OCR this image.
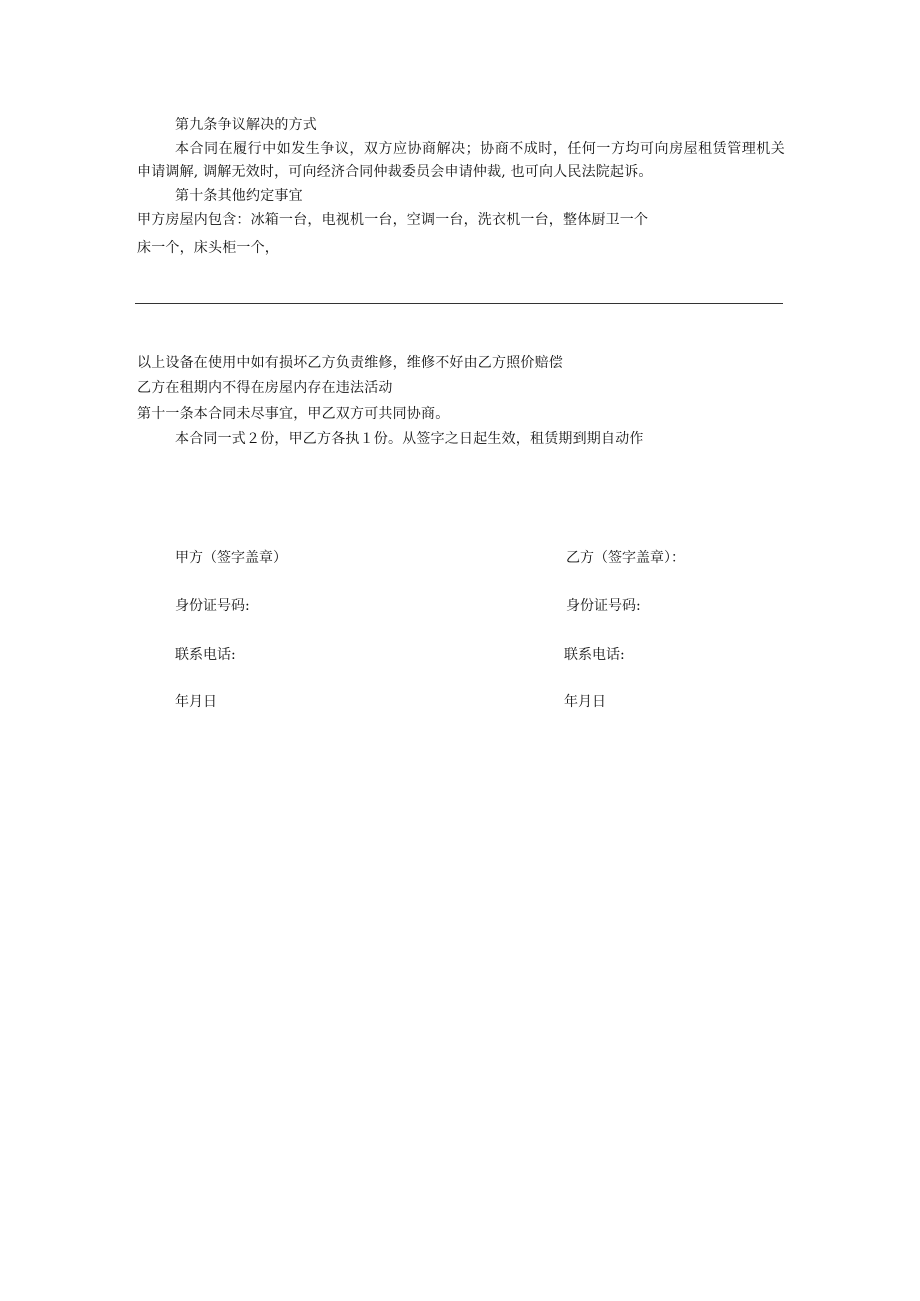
第九条争议解决的方式
本合同在履行中如发生争议，双方应协商解决；协商不成时，任何一方均可向房屋租赁管理机关申请调解, 调解无效时，可向经济合同仲裁委员会申请仲裁, 也可向人民法院起诉。
第十条其他约定事宜
甲方房屋内包含：冰箱一台，电视机一台，空调一台，洗衣机一台，整体厨卫一个
床一个，床头柜一个，
以上设备在使用中如有损坏乙方负责维修，维修不好由乙方照价赔偿
乙方在租期内不得在房屋内存在违法活动
第十一条本合同未尽事宜，甲乙双方可共同协商。
本合同一式２份，甲乙方各执１份。从签字之日起生效，租赁期到期自动作
甲方（签字盖章）
身份证号码:
联系电话:
年月日
乙方（签字盖章）：
身份证号码:
联系电话:
年月日
